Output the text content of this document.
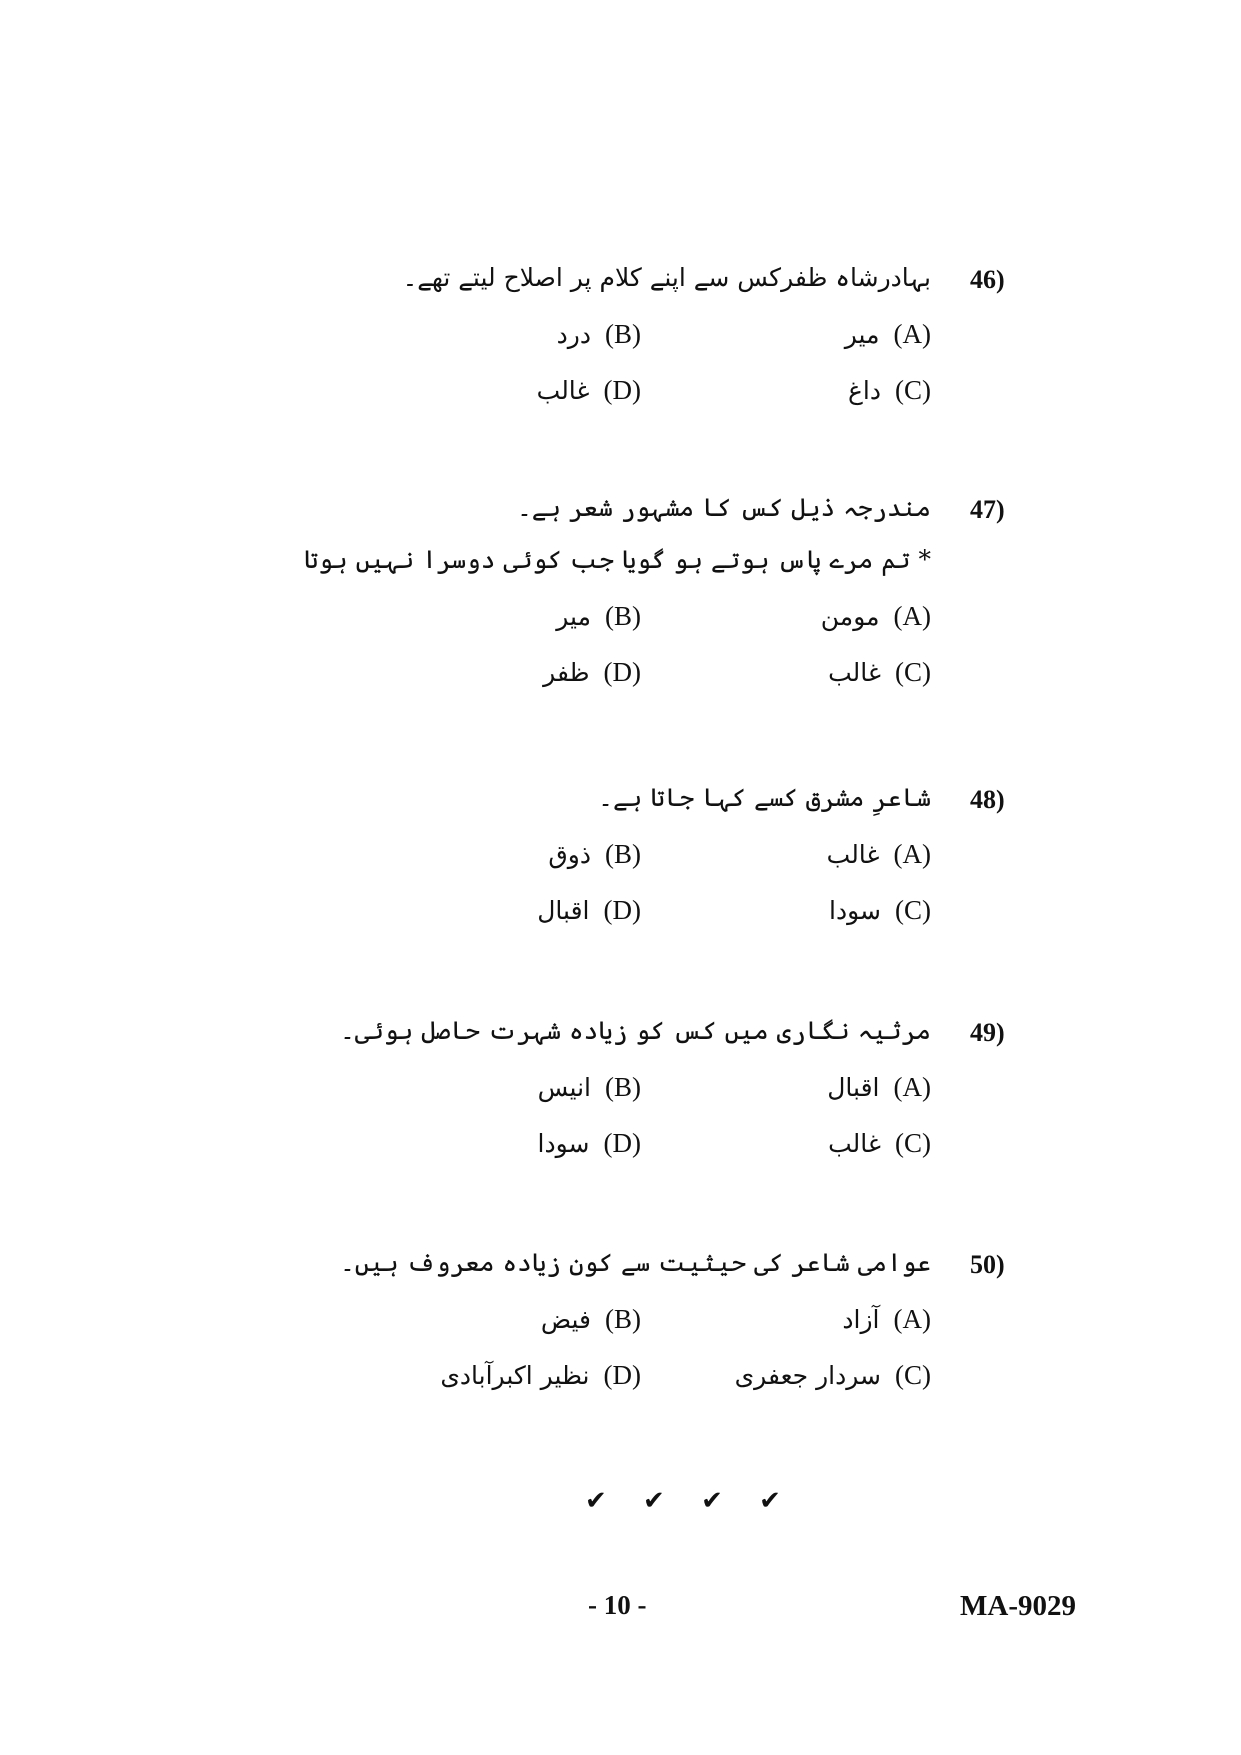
46)
بہادرشاہ ظفرکس سے اپنے کلام پر اصلاح لیتے تھے۔
(A)میر
(B)درد
(C)داغ
(D)غالب
47)
مندرجہ ذیل کس کا مشہور شعر ہے۔
* تم مرے پاس ہوتے ہو گویا جب کوئی دوسرا نہیں ہوتا
(A)مومن
(B)میر
(C)غالب
(D)ظفر
48)
شاعرِ مشرق کسے کہا جاتا ہے۔
(A)غالب
(B)ذوق
(C)سودا
(D)اقبال
49)
مرثیہ نگاری میں کس کو زیادہ شہرت حاصل ہوئی۔
(A)اقبال
(B)انیس
(C)غالب
(D)سودا
50)
عوامی شاعر کی حیثیت سے کون زیادہ معروف ہیں۔
(A)آزاد
(B)فیض
(C)سردار جعفری
(D)نظیر اکبرآبادی
✔ ✔ ✔ ✔
- 10 -	MA-9029
